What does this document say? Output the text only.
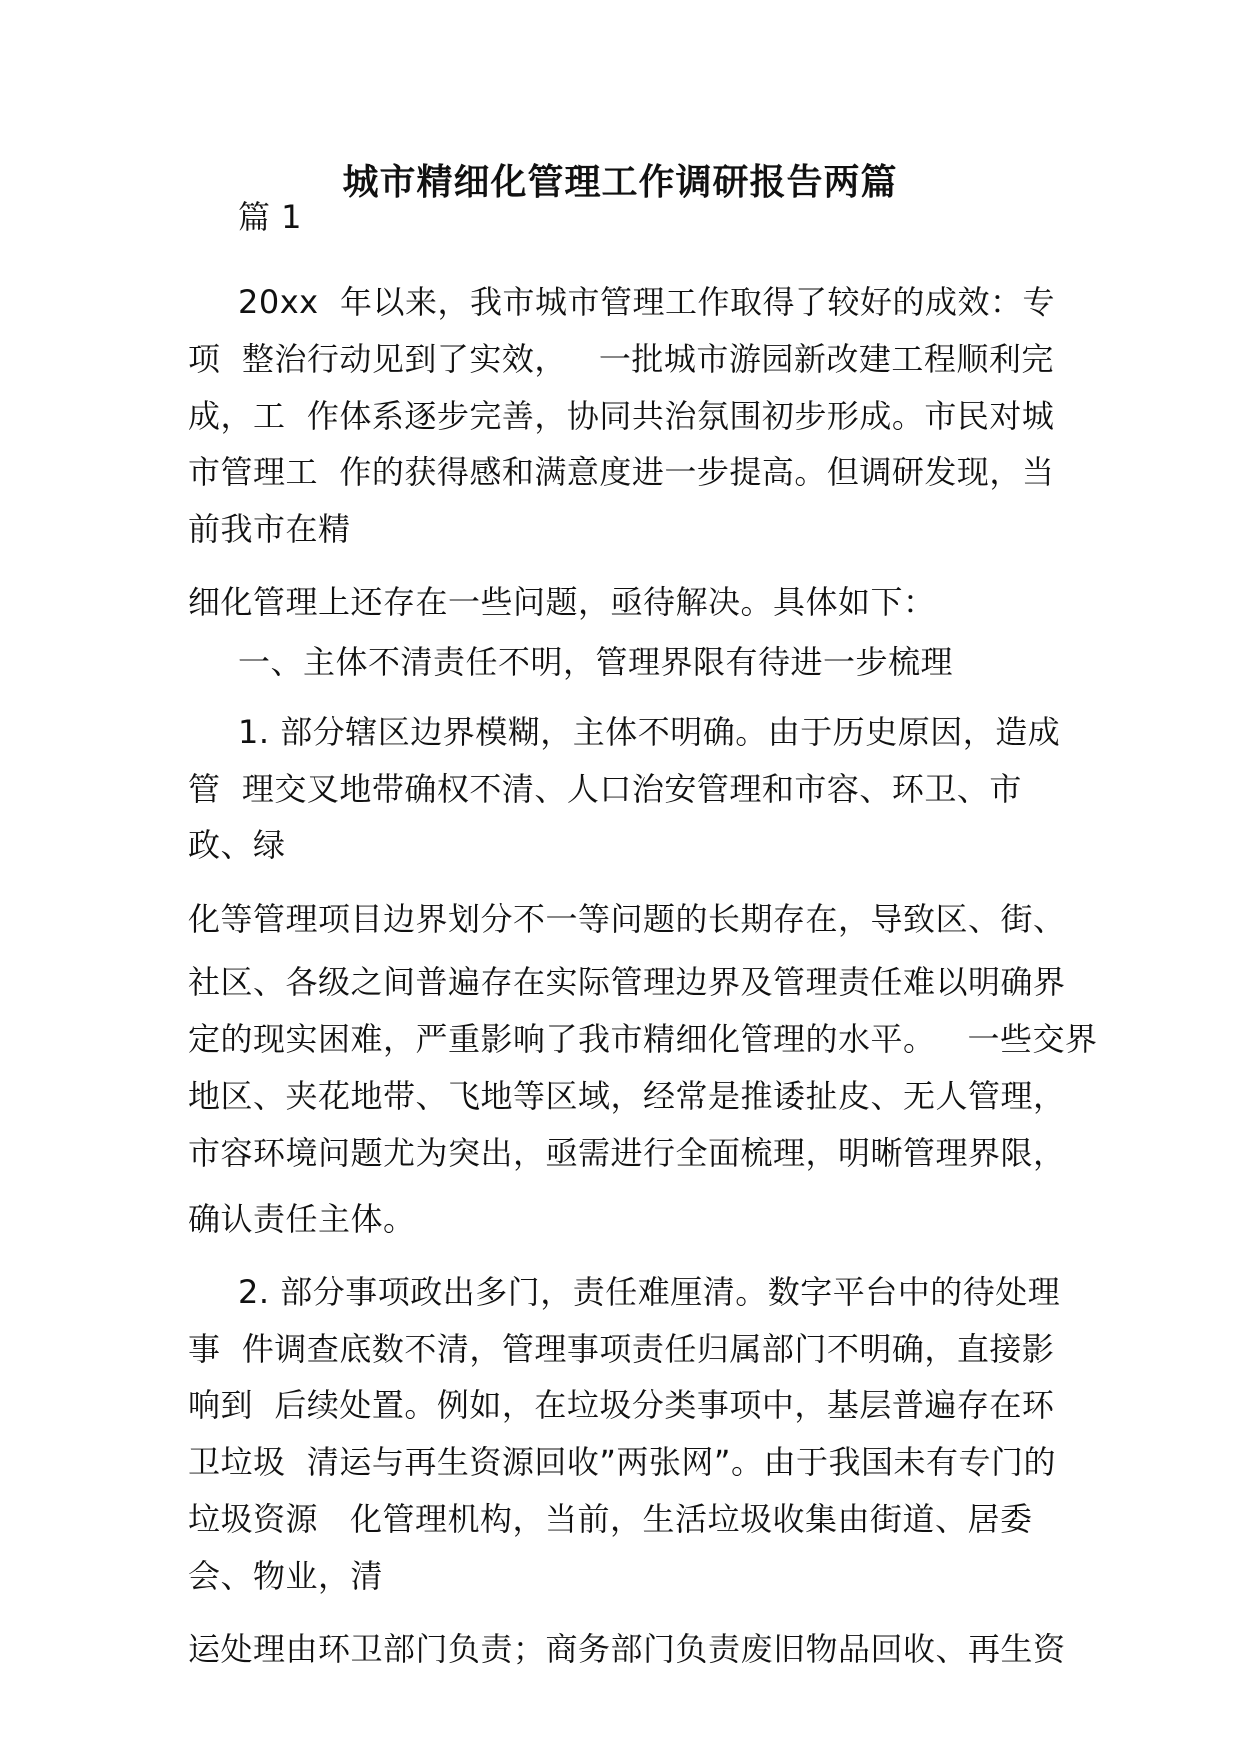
城市精细化管理工作调研报告两篇
篇 1
20xx  年以来，我市城市管理工作取得了较好的成效：专
项  整治行动见到了实效，   一批城市游园新改建工程顺利完
成，工  作体系逐步完善，协同共治氛围初步形成。市民对城
市管理工  作的获得感和满意度进一步提高。但调研发现，当
前我市在精
细化管理上还存在一些问题，亟待解决。具体如下：
一、主体不清责任不明，管理界限有待进一步梳理
1. 部分辖区边界模糊，主体不明确。由于历史原因，造成
管  理交叉地带确权不清、人口治安管理和市容、环卫、市
政、绿
化等管理项目边界划分不一等问题的长期存在，导致区、街、
社区、各级之间普遍存在实际管理边界及管理责任难以明确界
定的现实困难，严重影响了我市精细化管理的水平。   一些交界
地区、夹花地带、飞地等区域，经常是推诿扯皮、无人管理，
市容环境问题尤为突出，亟需进行全面梳理，明晰管理界限，
确认责任主体。
2. 部分事项政出多门，责任难厘清。数字平台中的待处理
事  件调查底数不清，管理事项责任归属部门不明确，直接影
响到  后续处置。例如，在垃圾分类事项中，基层普遍存在环
卫垃圾  清运与再生资源回收”两张网”。由于我国未有专门的
垃圾资源   化管理机构，当前，生活垃圾收集由街道、居委
会、物业，清
运处理由环卫部门负责；商务部门负责废旧物品回收、再生资
